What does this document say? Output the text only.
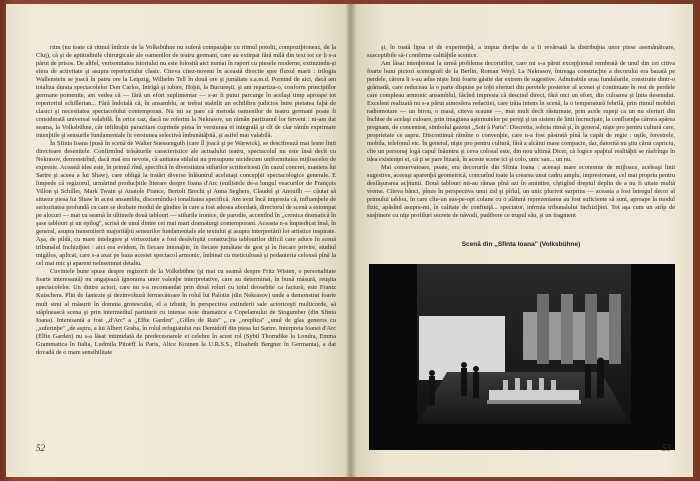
ritm (nu toate cã ritmul întîrzie de la Volksbühne nu suferã comparaþie cu ritmul potolit, compoziþioneaz, de la Cluj), cã şi de aptitudinile chirurgicale ale oamenilor de teatru germani, care au extirpat fãrã milã din text tot ce li s-a pãrut de prisos. De altfel, verisonitatea istoriului nu este folositã aici numai în raport cu piesele moderne, extinzindu-şi sfera de activitate şi asupra repertoriului clasic. Citeva citez-noveni în aceastã directie spre fluxul marii : trilogia Wallenstein se joacã în patru ore la Leipzig, Wilhelm Tell în douã ore şi jumãtate s.a.m.d. Pornind de aici, dacã am totaliza durata spectacolelor Don Carlos, Intrigã şi iubire, Hoþii, la Bucureşti, şi am repartiza-o, conform principiilor germane pomenite, am vedea cã — fãrã un efort suplimentar — s-ar fi putut parcurge în acelaşi timp aproape tot repertoriul schillerian... Fãrã îndoialã cã, în ansamblu, ar trebui stabilit un echilibru judicios între pietatea faþã de clasici şi necesitatea spectacolului contemporan. Nu mi se pare cã metoda oamenilor de teatru germani poate fi considerată universal valabilã. În orice caz, dacã ne referim la Nekrasov, un rãmân partizanul lor fervent : ni-am dat seama, la Volksbühne, cãr infiltraþii parazitare cuprinde piesa în versiunea ei integralã şi cît de clar rãmîn exprimate intenþiile şi sensurile fundamentale în versiunea selectivã îmbunãtãþitã, şi astfel mai valabilã.

În Sfinta Ioana (pusã în scenã de Walter Suessenguth (care îl joacã şi pe Warwick), se descifreazã mai lesne linii directoare desenitele. Confirmînd trãsãturile caracteristice ale actualului teatru, spectacolul nu este însã decît cu Nekrasov, demonstrînd, dacã mai era nevoie, cã unitatea stilului nu presupune nicidecum uniformitatea mijloacelor de expresie. Aceastã idee este, în primul rînd, specificã în diversitatea stilurilor scriitoricesti (în cazul concret, maniera lui Sartre şi aceea a lui Shaw), care obligã la tratări diverse înlãuntrul aceluiaşi concepþii spectacologice generale. E limpede cã regizorul, urmãrind producþiile literare despre Ioana d'Arc (enilistele de-a lungul veacurilor de François Villon şi Schiller, Mark Twain şi Anatole France, Bertolt Brecht şi Anna Seghers, Claudel şi Anouilh — cãutat sã situeze piesa lui Shaw în acest ansamblu, discernîndu-i tonalitatea specificã. Am avut încã impresia cã, influenþele de seriozitatea profundã cu care se dezbate modul de gîndire în care a fost adesea abordatã, directorul de scenã a estompat pe alocuri — mai cu seamã în ultimele douã tablouri — stilurile ironice, de parodie, accentînd în ,,cronica dramaticã în şase tablouri şi un epilog'', scrisã de unul dintre cei mai mari dramaturgi contemporani. Aceasta n-a împiedicat însã, în general, asupra transmiterii majoritãþii sensurilor fundamentale ale textului şi asupra interpretãrii lor artistice inspirate. Aşa, de pildã, cu mare intelegere şi virtuozitate a fost desãvîrşitã construcþia tablourilor dificil care aduce în scenã tribunalul Inchiziþiei : aici era evident, în fiecare intonaþie, în fiecare jumãtate de gest şi în fiecare privire, studiul migãlos, aplicat, care s-a axat pe baza acestei spectacol armonic, îmbinat cu meticuloasã şi pedanteria celoxsã pînã la cel mai mic şi aparent neînsemnat detaliu.

Cuvintele bune spuse despre regizorii de la Volksbühne (şi mai cu seamã despre Fritz Wisten, o personalitate foarte interesantã) nu angajeazã ignorarea unor valenþe interpretative, care au determinat, în bunã mãsurã, reuşita spectacolelor. Un dintre actori, care nu s-a recomandat prin douã roluri cu totul deosebite ca facturã, este Frantz Kutschera. Plin de fantezie şi dezinvolturã fermecãtoare în rolul lui Palotin (din Nekrasov) unde a demonstrat foarte mult simt al mãsurii în domnia grotescului, el a izbutit, în perspectiva extinderii sale actoriceşti multicorde, sã stãpîneascã scena şi prin intermediul partiturii cu intense note dramatice a Copelamului de Stogumber (din Sfinta Ioana). Interesantã a fost ,,d'Arc'' a ,,Elfie Garden'' ,,Gilles de Rais'' ,, ca ,,oreplica'' ,,unul de glas generos cu ,,suferinþe'' ,,de aspru, a lui Albert Graba, în rolul refugiatului rus Demidoff din piesa lui Sartre. Interpreta Ioanei d'Arc (Elfie Garden) nu s-a lãsat intimidatã de predecesoarele ei celebre în acest rol (Sybil Thorndike la Londra, Emma Grammatica în Italia, Ludmila Pitoëff la Paris, Alice Kounen la U.R.S.S., Elisabeth Bergner în Germania), a dat dovadã de o mare sensibilitate

52

şi, în toatã lipsa ei de experienþã, a impus doriþa de a fi revãrsatã la distribuþia unor piese asemãnãtoare, susceptibile sã-i confirme calitãþile scenice.

Am lãsat intenþionat la urmã problema decorurilor, care mi s-a pãrut excepþional rembratã de unul din cei citiva foarte buni pictori scenografi de la Berlin, Roman Weyl. La Nekrasov, întreaga construcþie a decorului era bazatã pe perdele, cãrora li s-au adus nişte linii foarte gãsite dar extrem de sugestive. Admirabile erau fundalurile, construite dintr-o grãmadã, care reduceau la o parte dispuse pe toþi sferturi din peretele posterior al scenei şi continuate în rest de perdele care compleau armonic ansamblul, fãcînd impresia cã descind direct, fãrã nici un efort, din culoarea şi linia desenului. Excelent realizatã nu s-a pãrut atmosfera redactiei, care trãia intens în scenã, la o temperaturã febrilã, prin ritmul mobilei radiomotare — un birou, o masã, citeva scaune —, mai mult decît rãsturnate, prin acele rupeţi ca un nu sferturi din închise de acelaşi culoare, prin imaginea aşternutelor pe pereţi şi un sistem de linii încruciţate, la confluenþa cãrora apãrea pregnant, de concentrat, simbolul gazetei ,,Soir à Paris''. Discretia, sobria ritmã şi, în general, nişte pro pentru culturã care, proprietate ce aspru. Discontinuã rãmîne o convenþie, care n-a fost pãstratã pînã la capãt de regie : uşile, ferestrele, mobila, telefonul etc. În general, nişte pro pentru culturã, fãrã a alcãtui mase compacte, dar, datoritã nu ştiu cãrui capriciu, cîte un personaj logã capul înãuntru şi ceva colosal este, din nou ultimã Dicer, cã logice spaþiul realitãþii se rãsfrînge în idea existenţei ei, cã ţi se pare bizarã, în aceste scene ici şi colo, unic sau... un nu.

Mai conservatoare, poate, era decorurile din Sfinta Ioana : aceeaşi mare economie de mijloace, aceleaşi linii sugestive, aceeaşi aparenþã geometricã, concurînd toate la crearea unui cadru amplu, impresionant, cel mai propriu pentru desfãşurarea acþiunii. Douã tablouri mi-au rãmas pînã azi în amintire, cîştigînd dreptul deplin de a nu fi uitate multã vreme. Citeva bãnci, pînze în perspectiva unui zid şi pîrîul, un unic plurivit surprins — aceasta a fost întregul decor al primului tablou, în care cîte-un sus-pe-opt colane cu o alãturã reprezentarea au fost suficiente sã sunt, aproape la modul fizic, apãsînd asupra-mi, în calitate de confiniţă... spectator, infrmia tribunalului Inchiziþiei. Tot aşa cum un strîp de susþinere cu niţe profiluri secrete de nãvodi, pudibore ce trupul sãu, şi un fragment

Scenã din ,,Sfinta Ioana'' (Volksbühne)
53
